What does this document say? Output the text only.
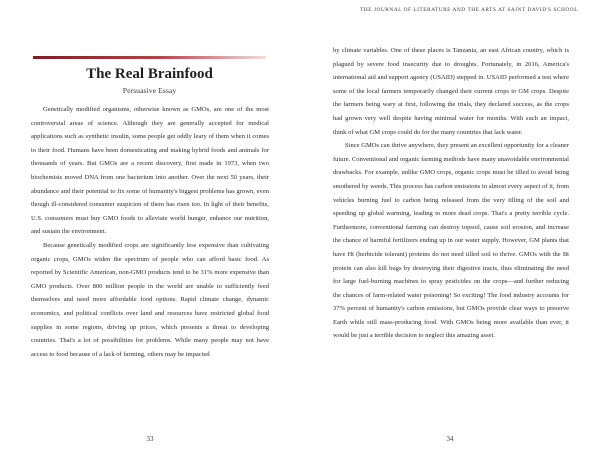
The Real Brainfood
Persuasive Essay

Genetically modified organisms, otherwise known as GMOs, are one of the most controversial areas of science. Although they are generally accepted for medical applications such as synthetic insulin, some people get oddly leary of them when it comes to their food. Humans have been domesticating and making hybrid foods and animals for thousands of years. But GMOs are a recent discovery, first made in 1973, when two biochemists moved DNA from one bacterium into another. Over the next 50 years, their abundance and their potential to fix some of humanity's biggest problems has grown, even though ill-considered consumer suspicion of them has risen too. In light of their benefits, U.S. consumers must buy GMO foods to alleviate world hunger, enhance our nutrition, and sustain the environment.

Because genetically modified crops are significantly less expensive than cultivating organic crops, GMOs widen the spectrum of people who can afford basic food. As reported by Scientific American, non-GMO products tend to be 31% more expensive than GMO products. Over 800 million people in the world are unable to sufficiently feed themselves and need more affordable food options. Rapid climate change, dynamic economics, and political conflicts over land and resources have restricted global food supplies in some regions, driving up prices, which presents a threat to developing countries. That's a lot of possibilities for problems. While many people may not have access to food because of a lack of farming, others may be impacted

33
THE JOURNAL OF LITERATURE AND THE ARTS AT SAINT DAVID'S SCHOOL

by climate variables. One of these places is Tanzania, an east African country, which is plagued by severe food insecurity due to droughts. Fortunately, in 2016, America's international aid and support agency (USAID) stepped in. USAID performed a test where some of the local farmers temporarily changed their current crops to GM crops. Despite the farmers being wary at first, following the trials, they declared success, as the crops had grown very well despite having minimal water for months. With such an impact, think of what GM crops could do for the many countries that lack water.

Since GMOs can thrive anywhere, they present an excellent opportunity for a cleaner future. Conventional and organic farming methods have many unavoidable environmental drawbacks. For example, unlike GMO crops, organic crops must be tilled to avoid being smothered by weeds. This process has carbon emissions in almost every aspect of it, from vehicles burning fuel to carbon being released from the very tilling of the soil and speeding up global warming, leading to more dead crops. That's a pretty terrible cycle. Furthermore, conventional farming can destroy topsoil, cause soil erosion, and increase the chance of harmful fertilizers ending up in our water supply. However, GM plants that have Ht (herbicide tolerant) proteins do not need tilled soil to thrive. GMOs with the Bt protein can also kill bugs by destroying their digestive tracts, thus eliminating the need for large fuel-burning machines to spray pesticides on the crops—and further reducing the chances of farm-related water poisoning! So exciting! The food industry accounts for 37% percent of humanity's carbon emissions, but GMOs provide clear ways to preserve Earth while still mass-producing food. With GMOs being more available than ever, it would be just a terrible decision to neglect this amazing asset.

34
